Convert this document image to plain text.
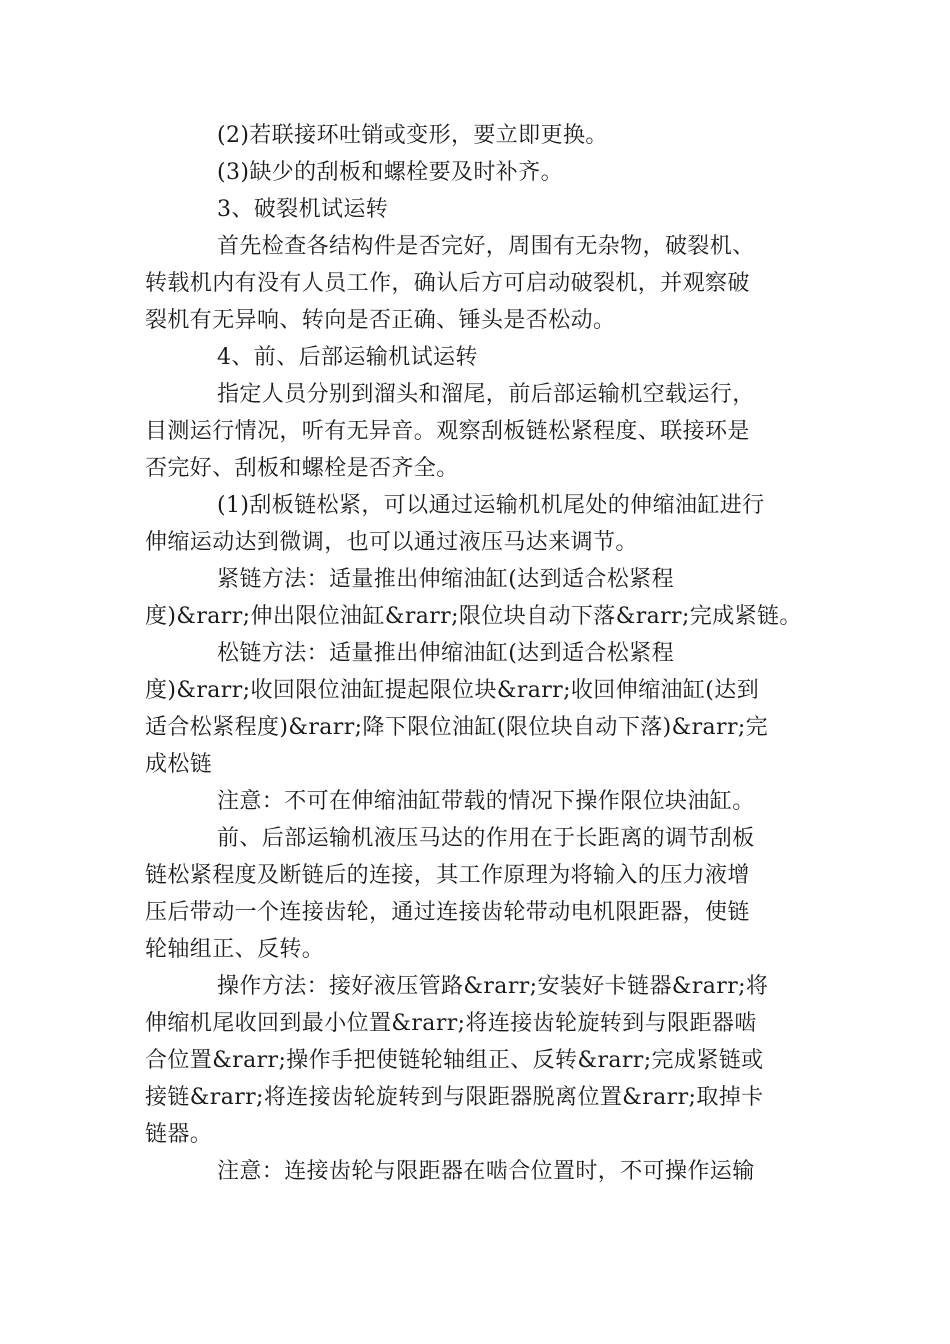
(2)若联接环吐销或变形，要立即更换。
(3)缺少的刮板和螺栓要及时补齐。
3、破裂机试运转
首先检查各结构件是否完好，周围有无杂物，破裂机、
转载机内有没有人员工作，确认后方可启动破裂机，并观察破
裂机有无异响、转向是否正确、锤头是否松动。
4、前、后部运输机试运转
指定人员分别到溜头和溜尾，前后部运输机空载运行，
目测运行情况，听有无异音。观察刮板链松紧程度、联接环是
否完好、刮板和螺栓是否齐全。
(1)刮板链松紧，可以通过运输机机尾处的伸缩油缸进行
伸缩运动达到微调，也可以通过液压马达来调节。
紧链方法：适量推出伸缩油缸(达到适合松紧程
度)&rarr;伸出限位油缸&rarr;限位块自动下落&rarr;完成紧链。
松链方法：适量推出伸缩油缸(达到适合松紧程
度)&rarr;收回限位油缸提起限位块&rarr;收回伸缩油缸(达到
适合松紧程度)&rarr;降下限位油缸(限位块自动下落)&rarr;完
成松链
注意：不可在伸缩油缸带载的情况下操作限位块油缸。
前、后部运输机液压马达的作用在于长距离的调节刮板
链松紧程度及断链后的连接，其工作原理为将输入的压力液增
压后带动一个连接齿轮，通过连接齿轮带动电机限距器，使链
轮轴组正、反转。
操作方法：接好液压管路&rarr;安装好卡链器&rarr;将
伸缩机尾收回到最小位置&rarr;将连接齿轮旋转到与限距器啮
合位置&rarr;操作手把使链轮轴组正、反转&rarr;完成紧链或
接链&rarr;将连接齿轮旋转到与限距器脱离位置&rarr;取掉卡
链器。
注意：连接齿轮与限距器在啮合位置时，不可操作运输
